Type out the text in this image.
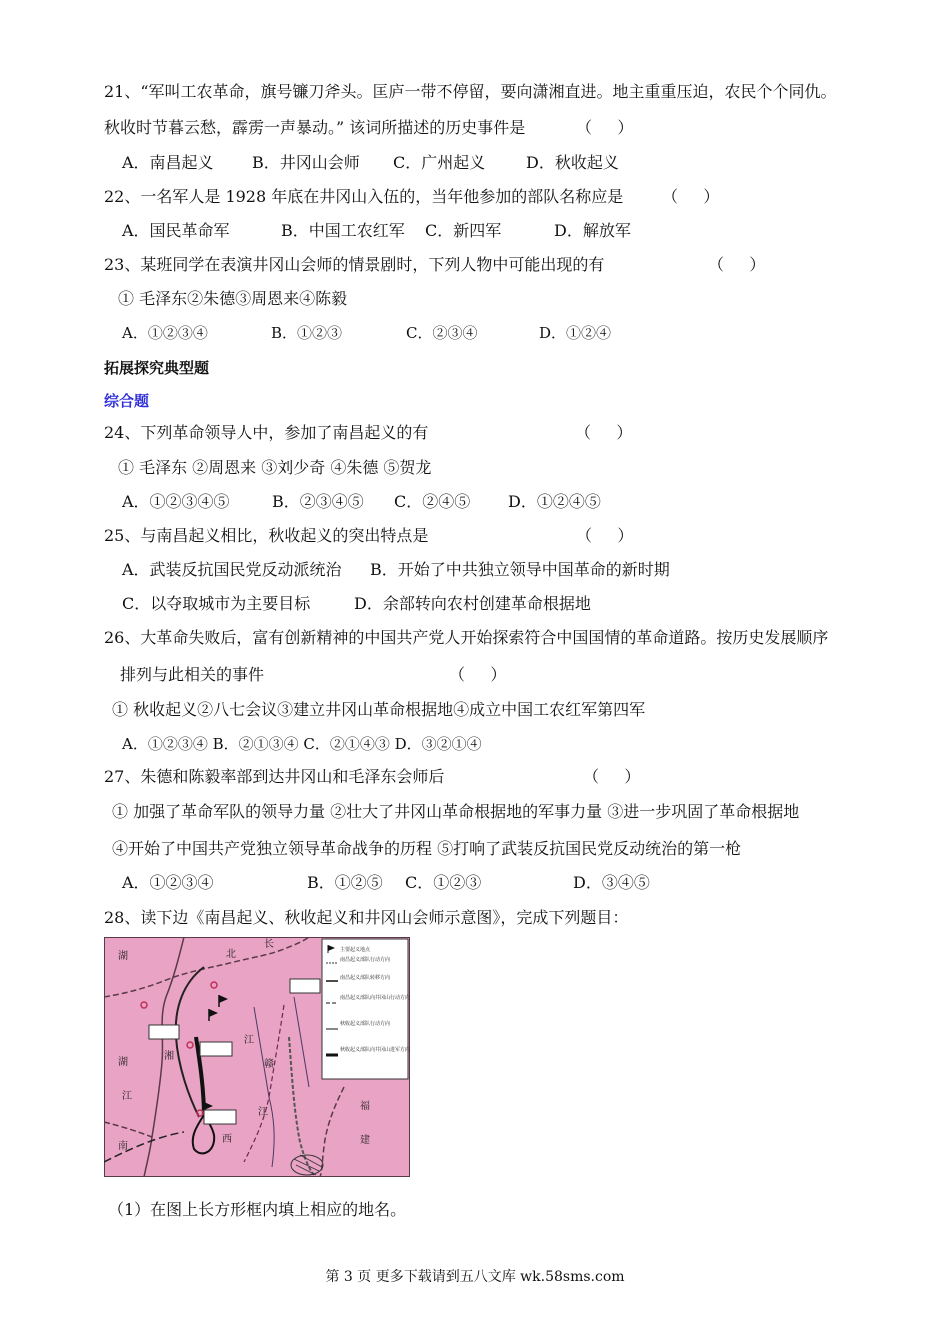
21、“军叫工农革命，旗号镰刀斧头。匡庐一带不停留，要向潇湘直进。地主重重压迫，农民个个同仇。
秋收时节暮云愁，霹雳一声暴动。” 该词所描述的历史事件是	（     ）
A．南昌起义 B．井冈山会师 C．广州起义	D．秋收起义
22、一名军人是 1928 年底在井冈山入伍的，当年他参加的部队名称应是 （     ）
A．国民革命军	B．中国工农红军 C．新四军	D．解放军
23、某班同学在表演井冈山会师的情景剧时，下列人物中可能出现的有	（     ）
① 毛泽东②朱德③周恩来④陈毅
A．①②③④	B．①②③	C．②③④	D．①②④
拓展探究典型题
综合题
24、下列革命领导人中，参加了南昌起义的有	（     ）
① 毛泽东 ②周恩来 ③刘少奇 ④朱德 ⑤贺龙
A．①②③④⑤	B．②③④⑤ C．②④⑤ D．①②④⑤
25、与南昌起义相比，秋收起义的突出特点是	（     ）
A．武装反抗国民党反动派统治 B．开始了中共独立领导中国革命的新时期
C．以夺取城市为主要目标	D．余部转向农村创建革命根据地
26、大革命失败后，富有创新精神的中国共产党人开始探索符合中国国情的革命道路。按历史发展顺序
排列与此相关的事件	（     ）
① 秋收起义②八七会议③建立井冈山革命根据地④成立中国工农红军第四军
A．①②③④ B．②①③④ C．②①④③ D．③②①④
27、朱德和陈毅率部到达井冈山和毛泽东会师后	（     ）
① 加强了革命军队的领导力量 ②壮大了井冈山革命根据地的军事力量 ③进一步巩固了革命根据地
④开始了中国共产党独立领导革命战争的历程 ⑤打响了武装反抗国民党反动统治的第一枪
A．①②③④	B．①②⑤ C．①②③	D．③④⑤
28、读下边《南昌起义、秋收起义和井冈山会师示意图》，完成下列题目：
湖	北
长
湖
湘
江
赣
江
南
西
福
建
江
主要起义地点
南昌起义部队行动方向
南昌起义部队转移方向
南昌起义部队向井冈山行动方向
秋收起义部队行动方向
秋收起义部队向井冈山进军方向
（1）在图上长方形框内填上相应的地名。
第 3 页 更多下载请到五八文库 wk.58sms.com
